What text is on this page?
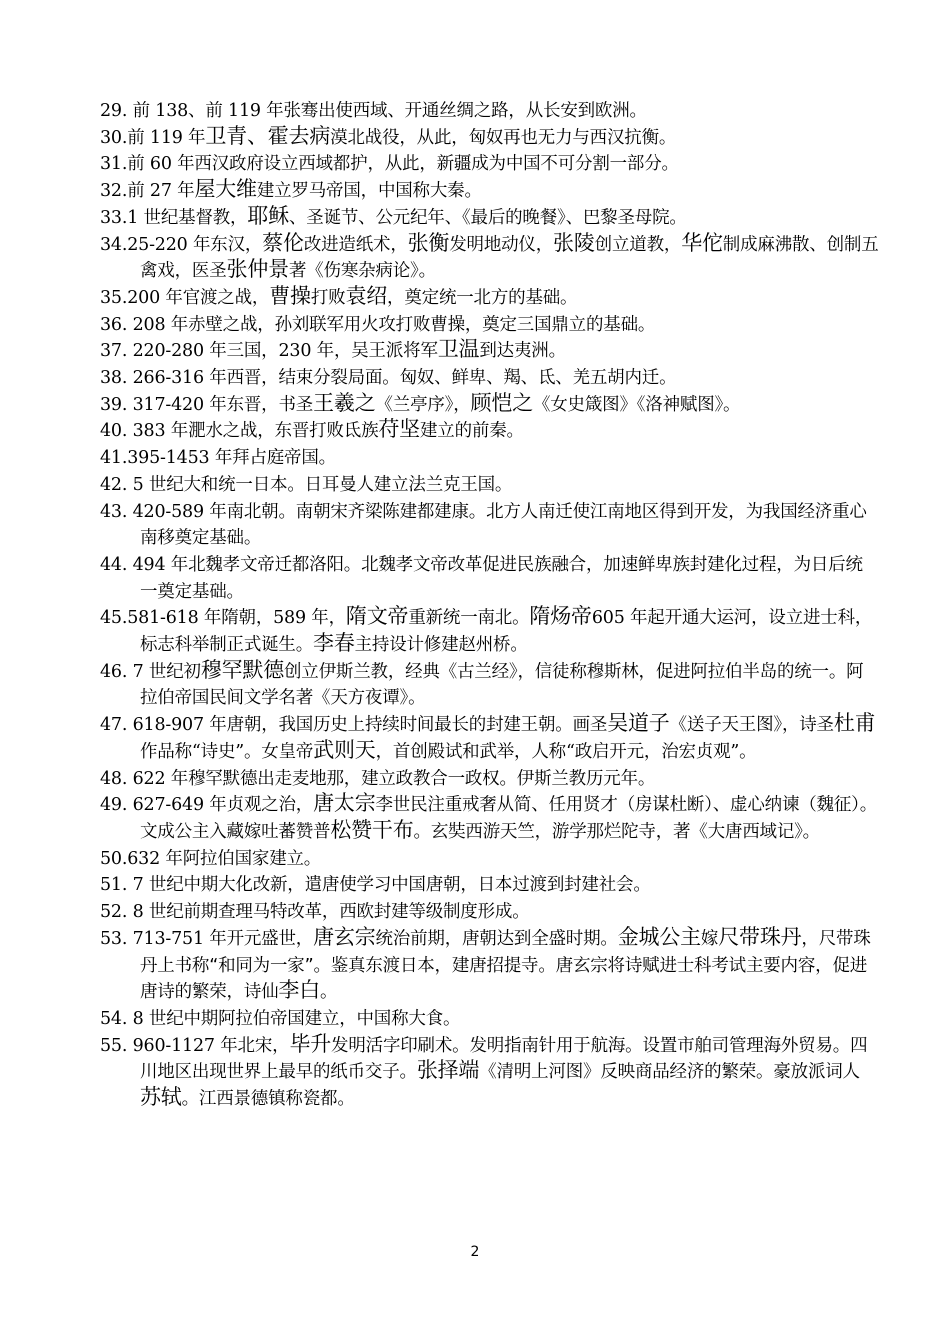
29. 前 138、前 119 年张骞出使西域、开通丝绸之路，从长安到欧洲。

30.前 119 年卫青、霍去病漠北战役，从此，匈奴再也无力与西汉抗衡。

31.前 60 年西汉政府设立西域都护，从此，新疆成为中国不可分割一部分。

32.前 27 年屋大维建立罗马帝国，中国称大秦。

33.1 世纪基督教，耶稣、圣诞节、公元纪年、《最后的晚餐》、巴黎圣母院。

34.25-220 年东汉，蔡伦改进造纸术，张衡发明地动仪，张陵创立道教，华佗制成麻沸散、创制五禽戏，医圣张仲景著《伤寒杂病论》。

35.200 年官渡之战，曹操打败袁绍，奠定统一北方的基础。

36. 208 年赤壁之战，孙刘联军用火攻打败曹操，奠定三国鼎立的基础。

37. 220-280 年三国，230 年，吴王派将军卫温到达夷洲。

38. 266-316 年西晋，结束分裂局面。匈奴、鲜卑、羯、氐、羌五胡内迁。

39. 317-420 年东晋，书圣王羲之《兰亭序》，顾恺之《女史箴图》《洛神赋图》。

40. 383 年淝水之战，东晋打败氐族苻坚建立的前秦。

41.395-1453 年拜占庭帝国。

42. 5 世纪大和统一日本。日耳曼人建立法兰克王国。

43. 420-589 年南北朝。南朝宋齐梁陈建都建康。北方人南迁使江南地区得到开发，为我国经济重心南移奠定基础。

44. 494 年北魏孝文帝迁都洛阳。北魏孝文帝改革促进民族融合，加速鲜卑族封建化过程，为日后统一奠定基础。

45.581-618 年隋朝，589 年，隋文帝重新统一南北。隋炀帝605 年起开通大运河，设立进士科，标志科举制正式诞生。李春主持设计修建赵州桥。

46. 7 世纪初穆罕默德创立伊斯兰教，经典《古兰经》，信徒称穆斯林，促进阿拉伯半岛的统一。阿拉伯帝国民间文学名著《天方夜谭》。

47. 618-907 年唐朝，我国历史上持续时间最长的封建王朝。画圣吴道子《送子天王图》，诗圣杜甫作品称“诗史”。女皇帝武则天，首创殿试和武举，人称“政启开元，治宏贞观”。

48. 622 年穆罕默德出走麦地那，建立政教合一政权。伊斯兰教历元年。

49. 627-649 年贞观之治，唐太宗李世民注重戒奢从简、任用贤才（房谋杜断）、虚心纳谏（魏征）。文成公主入藏嫁吐蕃赞普松赞干布。玄奘西游天竺，游学那烂陀寺，著《大唐西域记》。

50.632 年阿拉伯国家建立。

51. 7 世纪中期大化改新，遣唐使学习中国唐朝，日本过渡到封建社会。

52. 8 世纪前期查理马特改革，西欧封建等级制度形成。

53. 713-751 年开元盛世，唐玄宗统治前期，唐朝达到全盛时期。金城公主嫁尺带珠丹，尺带珠丹上书称“和同为一家”。鉴真东渡日本，建唐招提寺。唐玄宗将诗赋进士科考试主要内容，促进唐诗的繁荣，诗仙李白。

54. 8 世纪中期阿拉伯帝国建立，中国称大食。

55. 960-1127 年北宋，毕升发明活字印刷术。发明指南针用于航海。设置市舶司管理海外贸易。四川地区出现世界上最早的纸币交子。张择端《清明上河图》反映商品经济的繁荣。豪放派词人苏轼。江西景德镇称瓷都。

2
